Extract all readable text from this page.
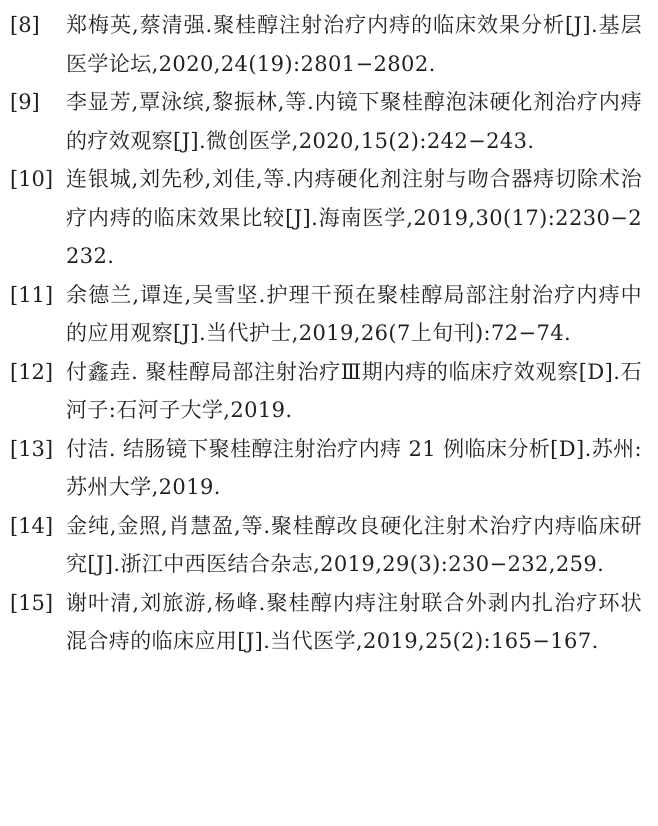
[8]	郑梅英,蔡清强.聚桂醇注射治疗内痔的临床效果分析[J].基层医学论坛,2020,24(19):2801−2802.
[9]	李显芳,覃泳缤,黎振林,等.内镜下聚桂醇泡沫硬化剂治疗内痔的疗效观察[J].微创医学,2020,15(2):242−243.
[10] 连银城,刘先秒,刘佳,等.内痔硬化剂注射与吻合器痔切除术治疗内痔的临床效果比较[J].海南医学,2019,30(17):2230−2232.
[11] 余德兰,谭连,吴雪坚.护理干预在聚桂醇局部注射治疗内痔中的应用观察[J].当代护士,2019,26(7上旬刊):72−74.
[12] 付鑫垚. 聚桂醇局部注射治疗Ⅲ期内痔的临床疗效观察[D].石河子:石河子大学,2019.
[13] 付洁. 结肠镜下聚桂醇注射治疗内痔 21 例临床分析[D].苏州:苏州大学,2019.
[14] 金纯,金照,肖慧盈,等.聚桂醇改良硬化注射术治疗内痔临床研究[J].浙江中西医结合杂志,2019,29(3):230−232,259.
[15] 谢叶清,刘旅游,杨峰.聚桂醇内痔注射联合外剥内扎治疗环状混合痔的临床应用[J].当代医学,2019,25(2):165−167.
